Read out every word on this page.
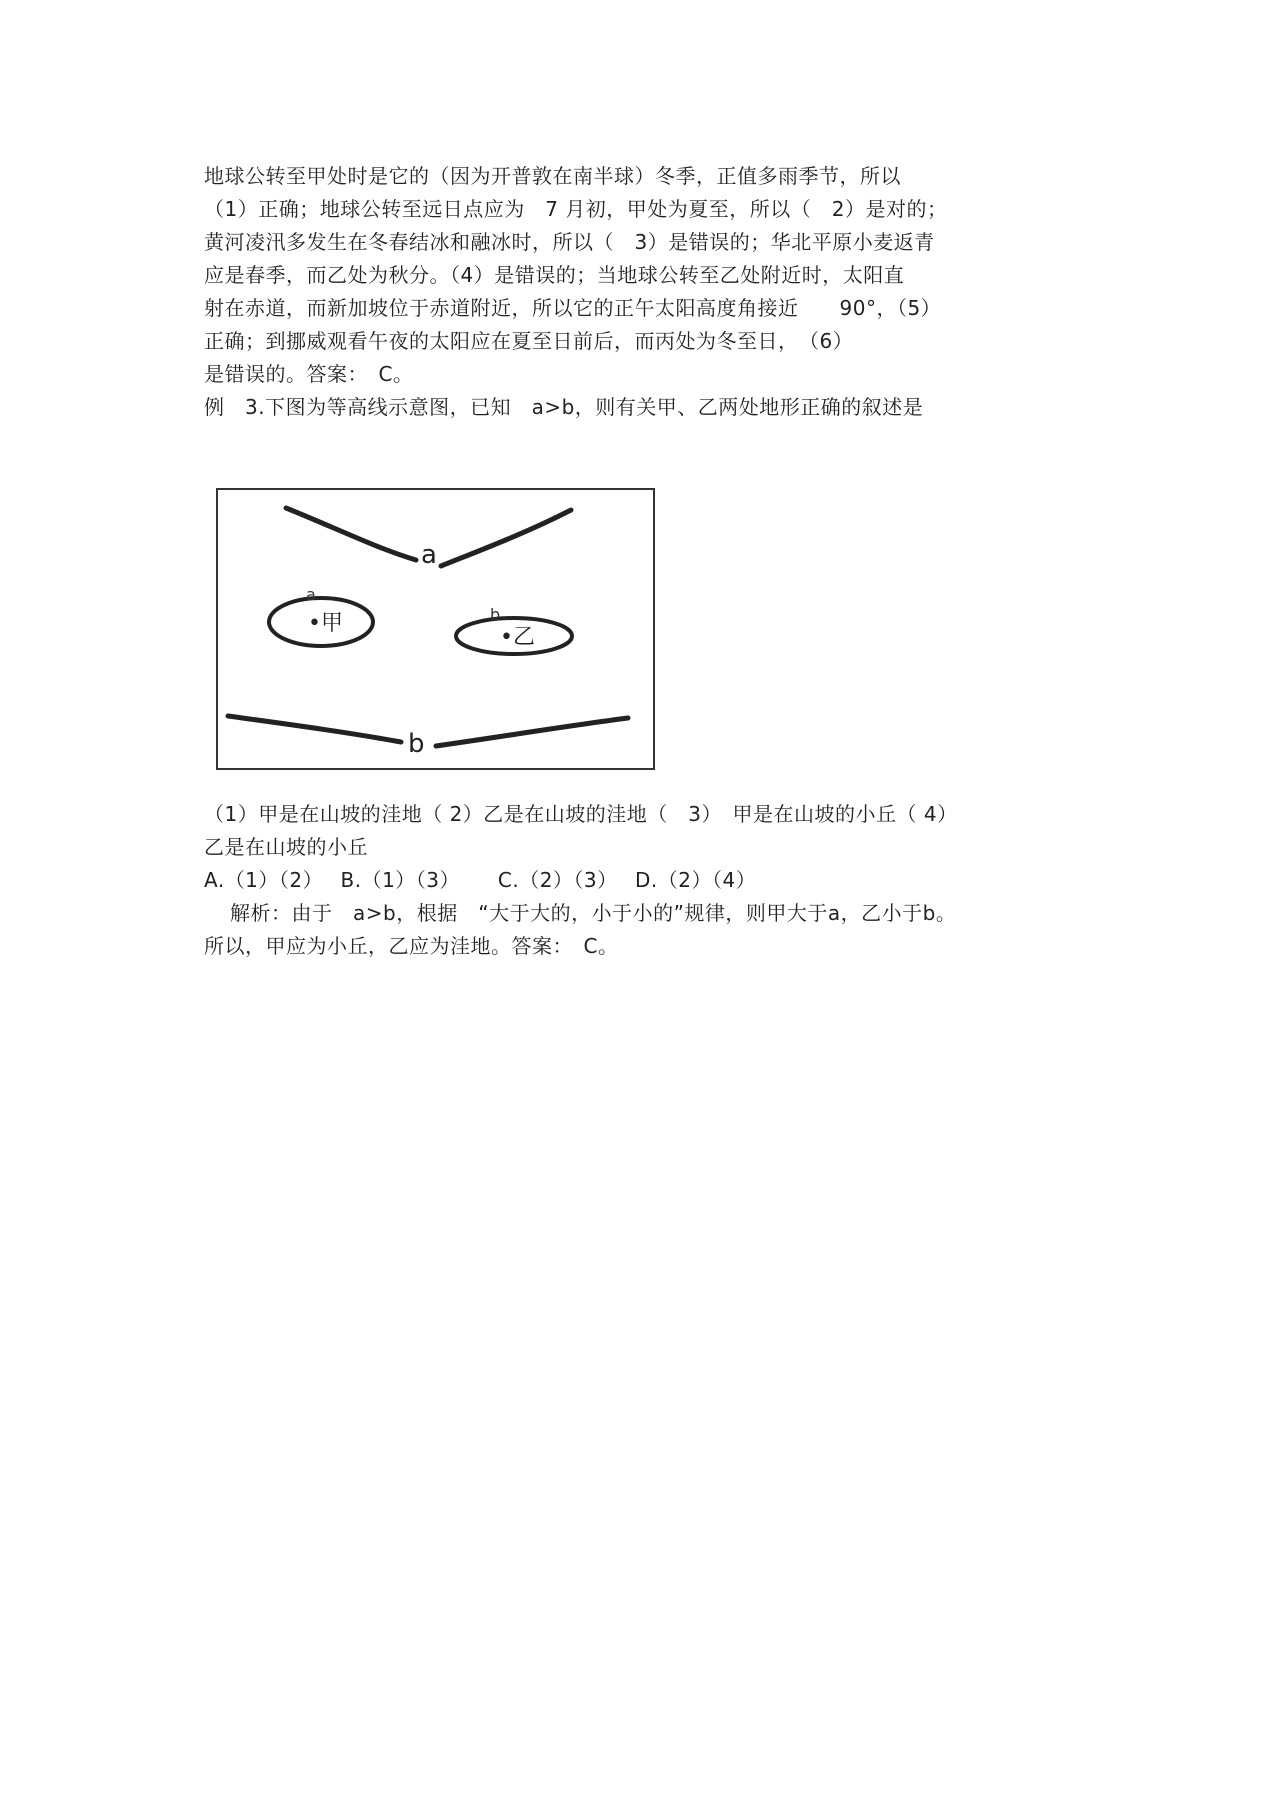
地球公转至甲处时是它的（因为开普敦在南半球）冬季，正值多雨季节，所以
（1）正确；地球公转至远日点应为　7 月初，甲处为夏至，所以（　2）是对的；
黄河凌汛多发生在冬春结冰和融冰时，所以（　3）是错误的；华北平原小麦返青
应是春季，而乙处为秋分。（4）是错误的；当地球公转至乙处附近时，太阳直
射在赤道，而新加坡位于赤道附近，所以它的正午太阳高度角接近　　90°，（5）
正确；到挪威观看午夜的太阳应在夏至日前后，而丙处为冬至日，　（6）
是错误的。答案：　C。
例　3.下图为等高线示意图，已知　a>b，则有关甲、乙两处地形正确的叙述是
a
a
•甲	b
•乙
b
（1）甲是在山坡的洼地（ 2）乙是在山坡的洼地（　3）　甲是在山坡的小丘（ 4）
乙是在山坡的小丘
A.（1）（2）　 B.（1）（3）　　 C.（2）（3）　 D.（2）（4）
解析：由于　a>b，根据　“大于大的，小于小的”规律，则甲大于a，乙小于b。
所以，甲应为小丘，乙应为洼地。答案：　C。
